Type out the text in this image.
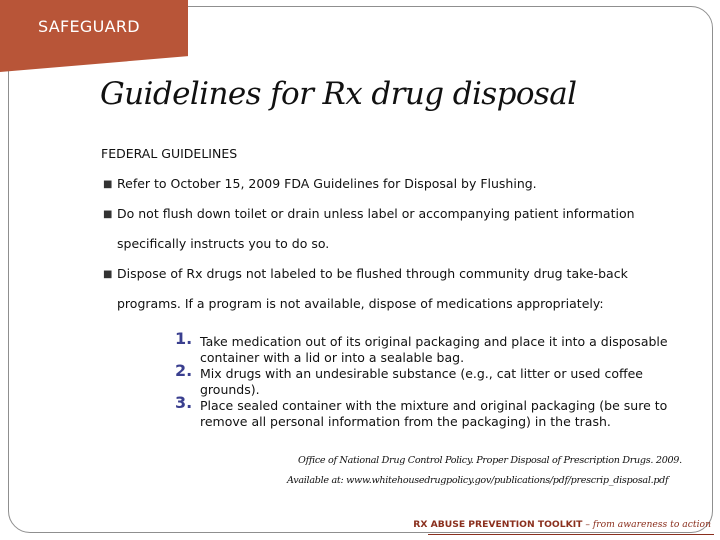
SAFEGUARD
Guidelines for Rx drug disposal
FEDERAL GUIDELINES
■ Refer to October 15, 2009 FDA Guidelines for Disposal by Flushing.
■ Do not flush down toilet or drain unless label or accompanying patient information
specifically instructs you to do so.
■ Dispose of Rx drugs not labeled to be flushed through community drug take-back
programs. If a program is not available, dispose of medications appropriately:
1. Take medication out of its original packaging and place it into a disposable container with a lid or into a sealable bag.
2. Mix drugs with an undesirable substance (e.g., cat litter or used coffee grounds).
3. Place sealed container with the mixture and original packaging (be sure to remove all personal information from the packaging) in the trash.
Office of National Drug Control Policy. Proper Disposal of Prescription Drugs. 2009.
Available at: www.whitehousedrugpolicy.gov/publications/pdf/prescrip_disposal.pdf
RX ABUSE PREVENTION TOOLKIT – from awareness to action
